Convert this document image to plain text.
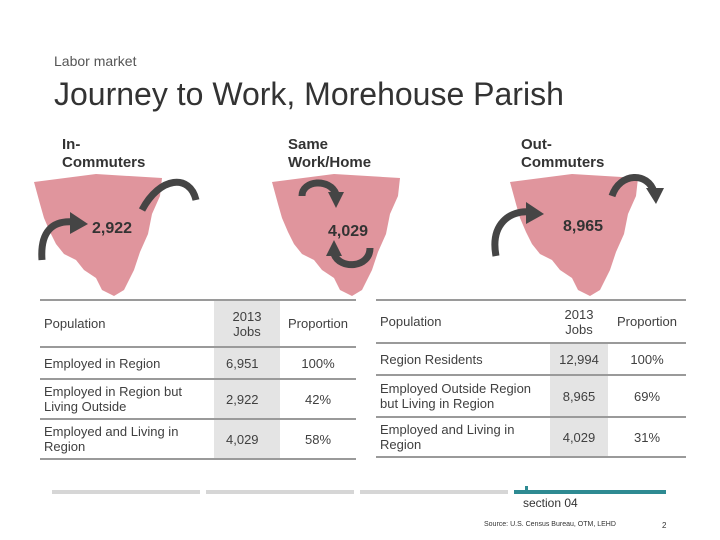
Labor market
Journey to Work, Morehouse Parish
In-
Commuters
Same
Work/Home
Out-
Commuters
2,922	4,029	8,965
Population	2013 Jobs	Proportion
Employed in Region	6,951	100%
Employed in Region but Living Outside	2,922	42%
Employed and Living in Region	4,029	58%
Population	2013 Jobs	Proportion
Region Residents	12,994	100%
Employed Outside Region but Living in Region	8,965	69%
Employed and Living in Region	4,029	31%
section 04
Source: U.S. Census Bureau, OTM, LEHD	2
